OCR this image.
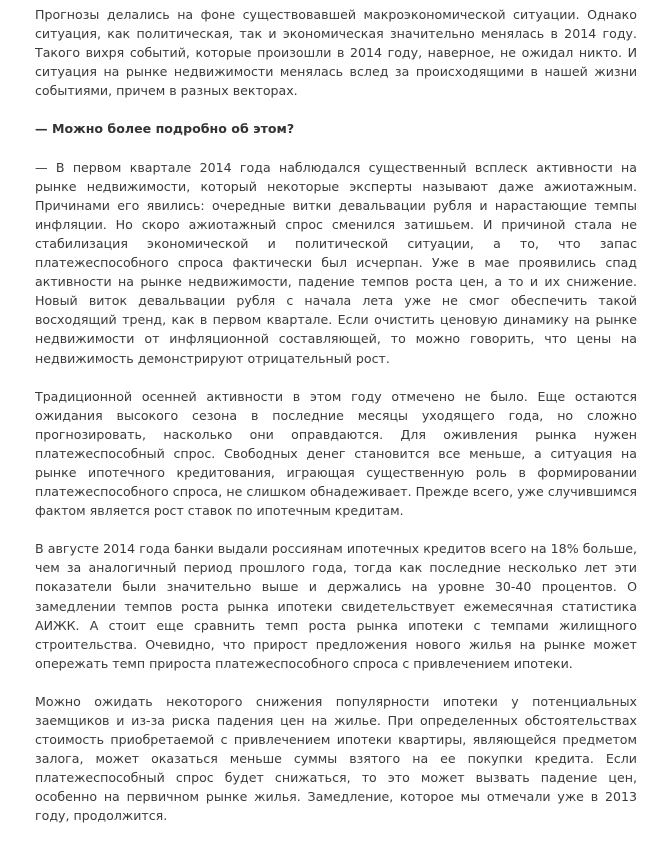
Прогнозы делались на фоне существовавшей макроэкономической ситуации. Однако ситуация, как политическая, так и экономическая значительно менялась в 2014 году. Такого вихря событий, которые произошли в 2014 году, наверное, не ожидал никто. И ситуация на рынке недвижимости менялась вслед за происходящими в нашей жизни событиями, причем в разных векторах.

— Можно более подробно об этом?

— В первом квартале 2014 года наблюдался существенный всплеск активности на рынке недвижимости, который некоторые эксперты называют даже ажиотажным. Причинами его явились: очередные витки девальвации рубля и нарастающие темпы инфляции. Но скоро ажиотажный спрос сменился затишьем. И причиной стала не стабилизация экономической и политической ситуации, а то, что запас платежеспособного спроса фактически был исчерпан. Уже в мае проявились спад активности на рынке недвижимости, падение темпов роста цен, а то и их снижение. Новый виток девальвации рубля с начала лета уже не смог обеспечить такой восходящий тренд, как в первом квартале. Если очистить ценовую динамику на рынке недвижимости от инфляционной составляющей, то можно говорить, что цены на недвижимость демонстрируют отрицательный рост.

Традиционной осенней активности в этом году отмечено не было. Еще остаются ожидания высокого сезона в последние месяцы уходящего года, но сложно прогнозировать, насколько они оправдаются. Для оживления рынка нужен платежеспособный спрос. Свободных денег становится все меньше, а ситуация на рынке ипотечного кредитования, играющая существенную роль в формировании платежеспособного спроса, не слишком обнадеживает. Прежде всего, уже случившимся фактом является рост ставок по ипотечным кредитам.

В августе 2014 года банки выдали россиянам ипотечных кредитов всего на 18% больше, чем за аналогичный период прошлого года, тогда как последние несколько лет эти показатели были значительно выше и держались на уровне 30-40 процентов. О замедлении темпов роста рынка ипотеки свидетельствует ежемесячная статистика АИЖК. А стоит еще сравнить темп роста рынка ипотеки с темпами жилищного строительства. Очевидно, что прирост предложения нового жилья на рынке может опережать темп прироста платежеспособного спроса с привлечением ипотеки.

Можно ожидать некоторого снижения популярности ипотеки у потенциальных заемщиков и из-за риска падения цен на жилье. При определенных обстоятельствах стоимость приобретаемой с привлечением ипотеки квартиры, являющейся предметом залога, может оказаться меньше суммы взятого на ее покупки кредита. Если платежеспособный спрос будет снижаться, то это может вызвать падение цен, особенно на первичном рынке жилья. Замедление, которое мы отмечали уже в 2013 году, продолжится.
